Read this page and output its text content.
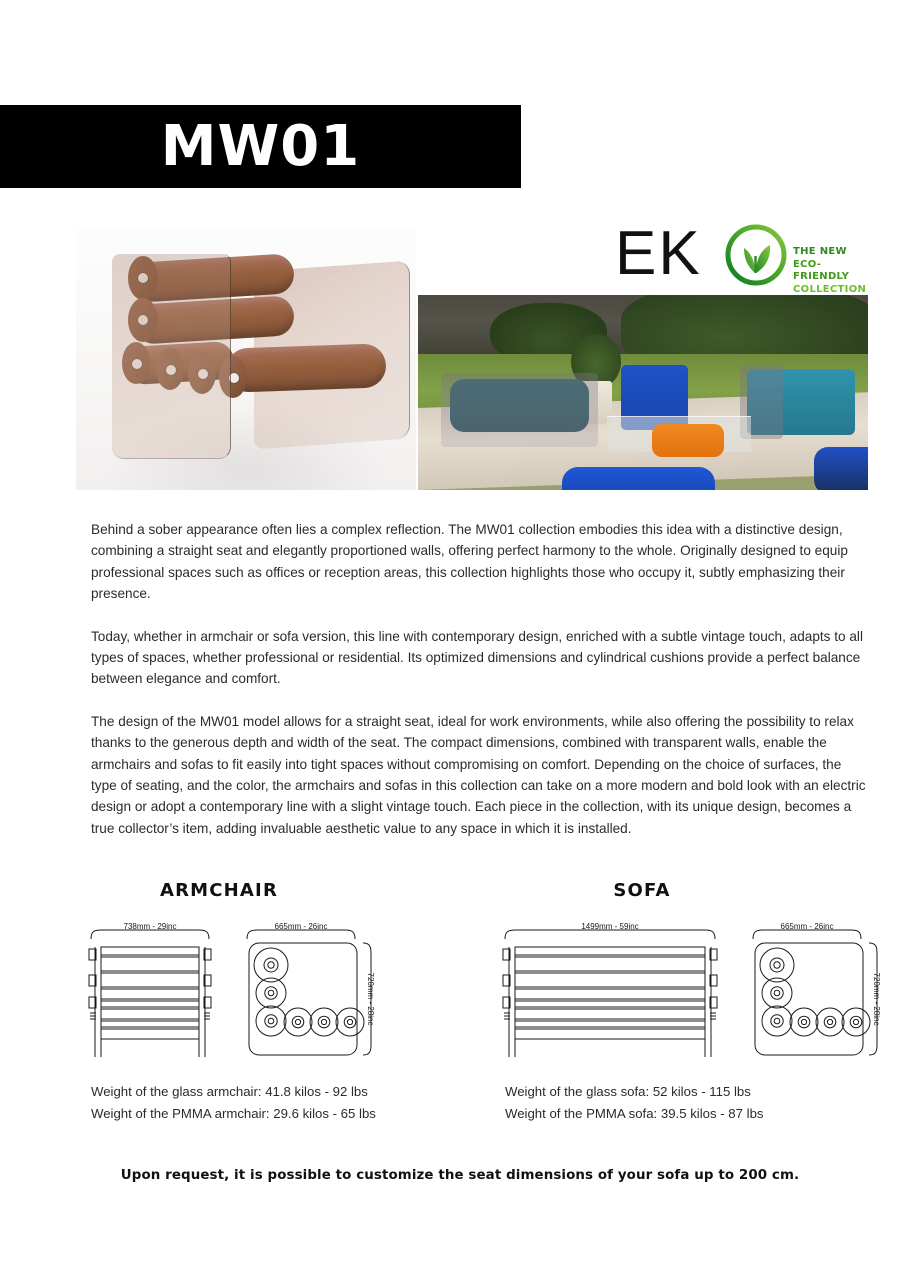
MW01
EK	THE NEW
ECO-FRIENDLY
COLLECTION

Behind a sober appearance often lies a complex reflection. The MW01 collection embodies this idea with a distinctive design, combining a straight seat and elegantly proportioned walls, offering perfect harmony to the whole. Originally designed to equip professional spaces such as offices or reception areas, this collection highlights those who occupy it, subtly emphasizing their presence.

Today, whether in armchair or sofa version, this line with contemporary design, enriched with a subtle vintage touch, adapts to all types of spaces, whether professional or residential. Its optimized dimensions and cylindrical cushions provide a perfect balance between elegance and comfort.

The design of the MW01 model allows for a straight seat, ideal for work environments, while also offering the possibility to relax thanks to the generous depth and width of the seat. The compact dimensions, combined with transparent walls, enable the armchairs and sofas to fit easily into tight spaces without compromising on comfort. Depending on the choice of surfaces, the type of seating, and the color, the armchairs and sofas in this collection can take on a more modern and bold look with an electric design or adopt a contemporary line with a slight vintage touch. Each piece in the collection, with its unique design, becomes a true collector’s item, adding invaluable aesthetic value to any space in which it is installed.

ARMCHAIR
738mm - 29inc	665mm - 26inc
720mm - 28inc
Weight of the glass armchair: 41.8 kilos - 92 lbs
Weight of the PMMA armchair: 29.6 kilos - 65 lbs
SOFA
1499mm - 59inc	665mm - 26inc
720mm - 28inc
Weight of the glass sofa: 52 kilos - 115 lbs
Weight of the PMMA sofa: 39.5 kilos - 87 lbs
Upon request, it is possible to customize the seat dimensions of your sofa up to 200 cm.
